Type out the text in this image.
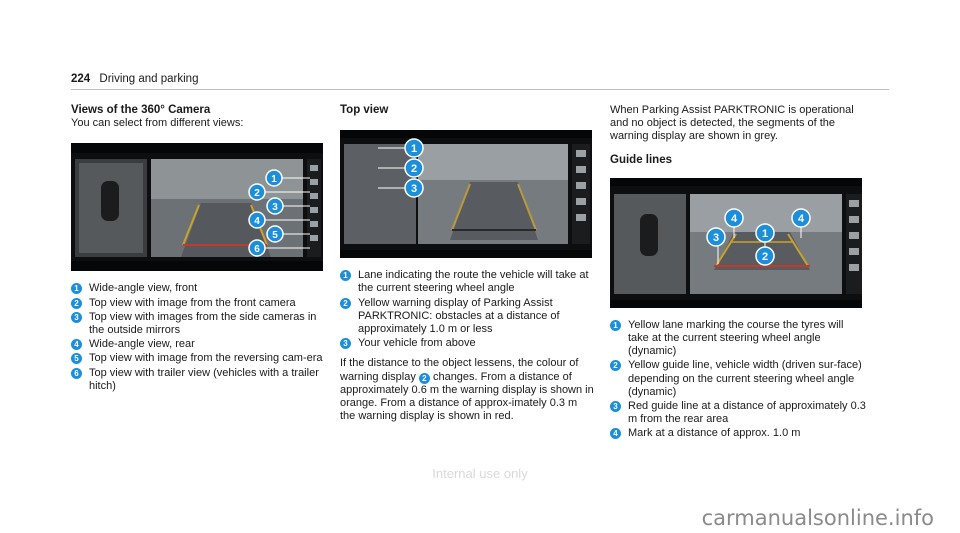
224 Driving and parking
Views of the 360° Camera

You can select from different views:

1
2
3
4
5
6
1 Wide-angle view, front
2 Top view with image from the front camera
3 Top view with images from the side cameras in the outside mirrors
4 Wide-angle view, rear
5 Top view with image from the reversing cam-era
6 Top view with trailer view (vehicles with a trailer hitch)
Top view
1
2
3
1 Lane indicating the route the vehicle will take at the current steering wheel angle
2 Yellow warning display of Parking Assist PARKTRONIC: obstacles at a distance of approximately 1.0 m or less
3 Your vehicle from above

If the distance to the object lessens, the colour of warning display 2 changes. From a distance of approximately 0.6 m the warning display is shown in orange. From a distance of approx-imately 0.3 m the warning display is shown in red.

When Parking Assist PARKTRONIC is operational and no object is detected, the segments of the warning display are shown in grey.

Guide lines
4
1
4
3
2
1 Yellow lane marking the course the tyres will take at the current steering wheel angle (dynamic)
2 Yellow guide line, vehicle width (driven sur-face) depending on the current steering wheel angle (dynamic)
3 Red guide line at a distance of approximately 0.3 m from the rear area
4 Mark at a distance of approx. 1.0 m
Internal use only
carmanualsonline.info
